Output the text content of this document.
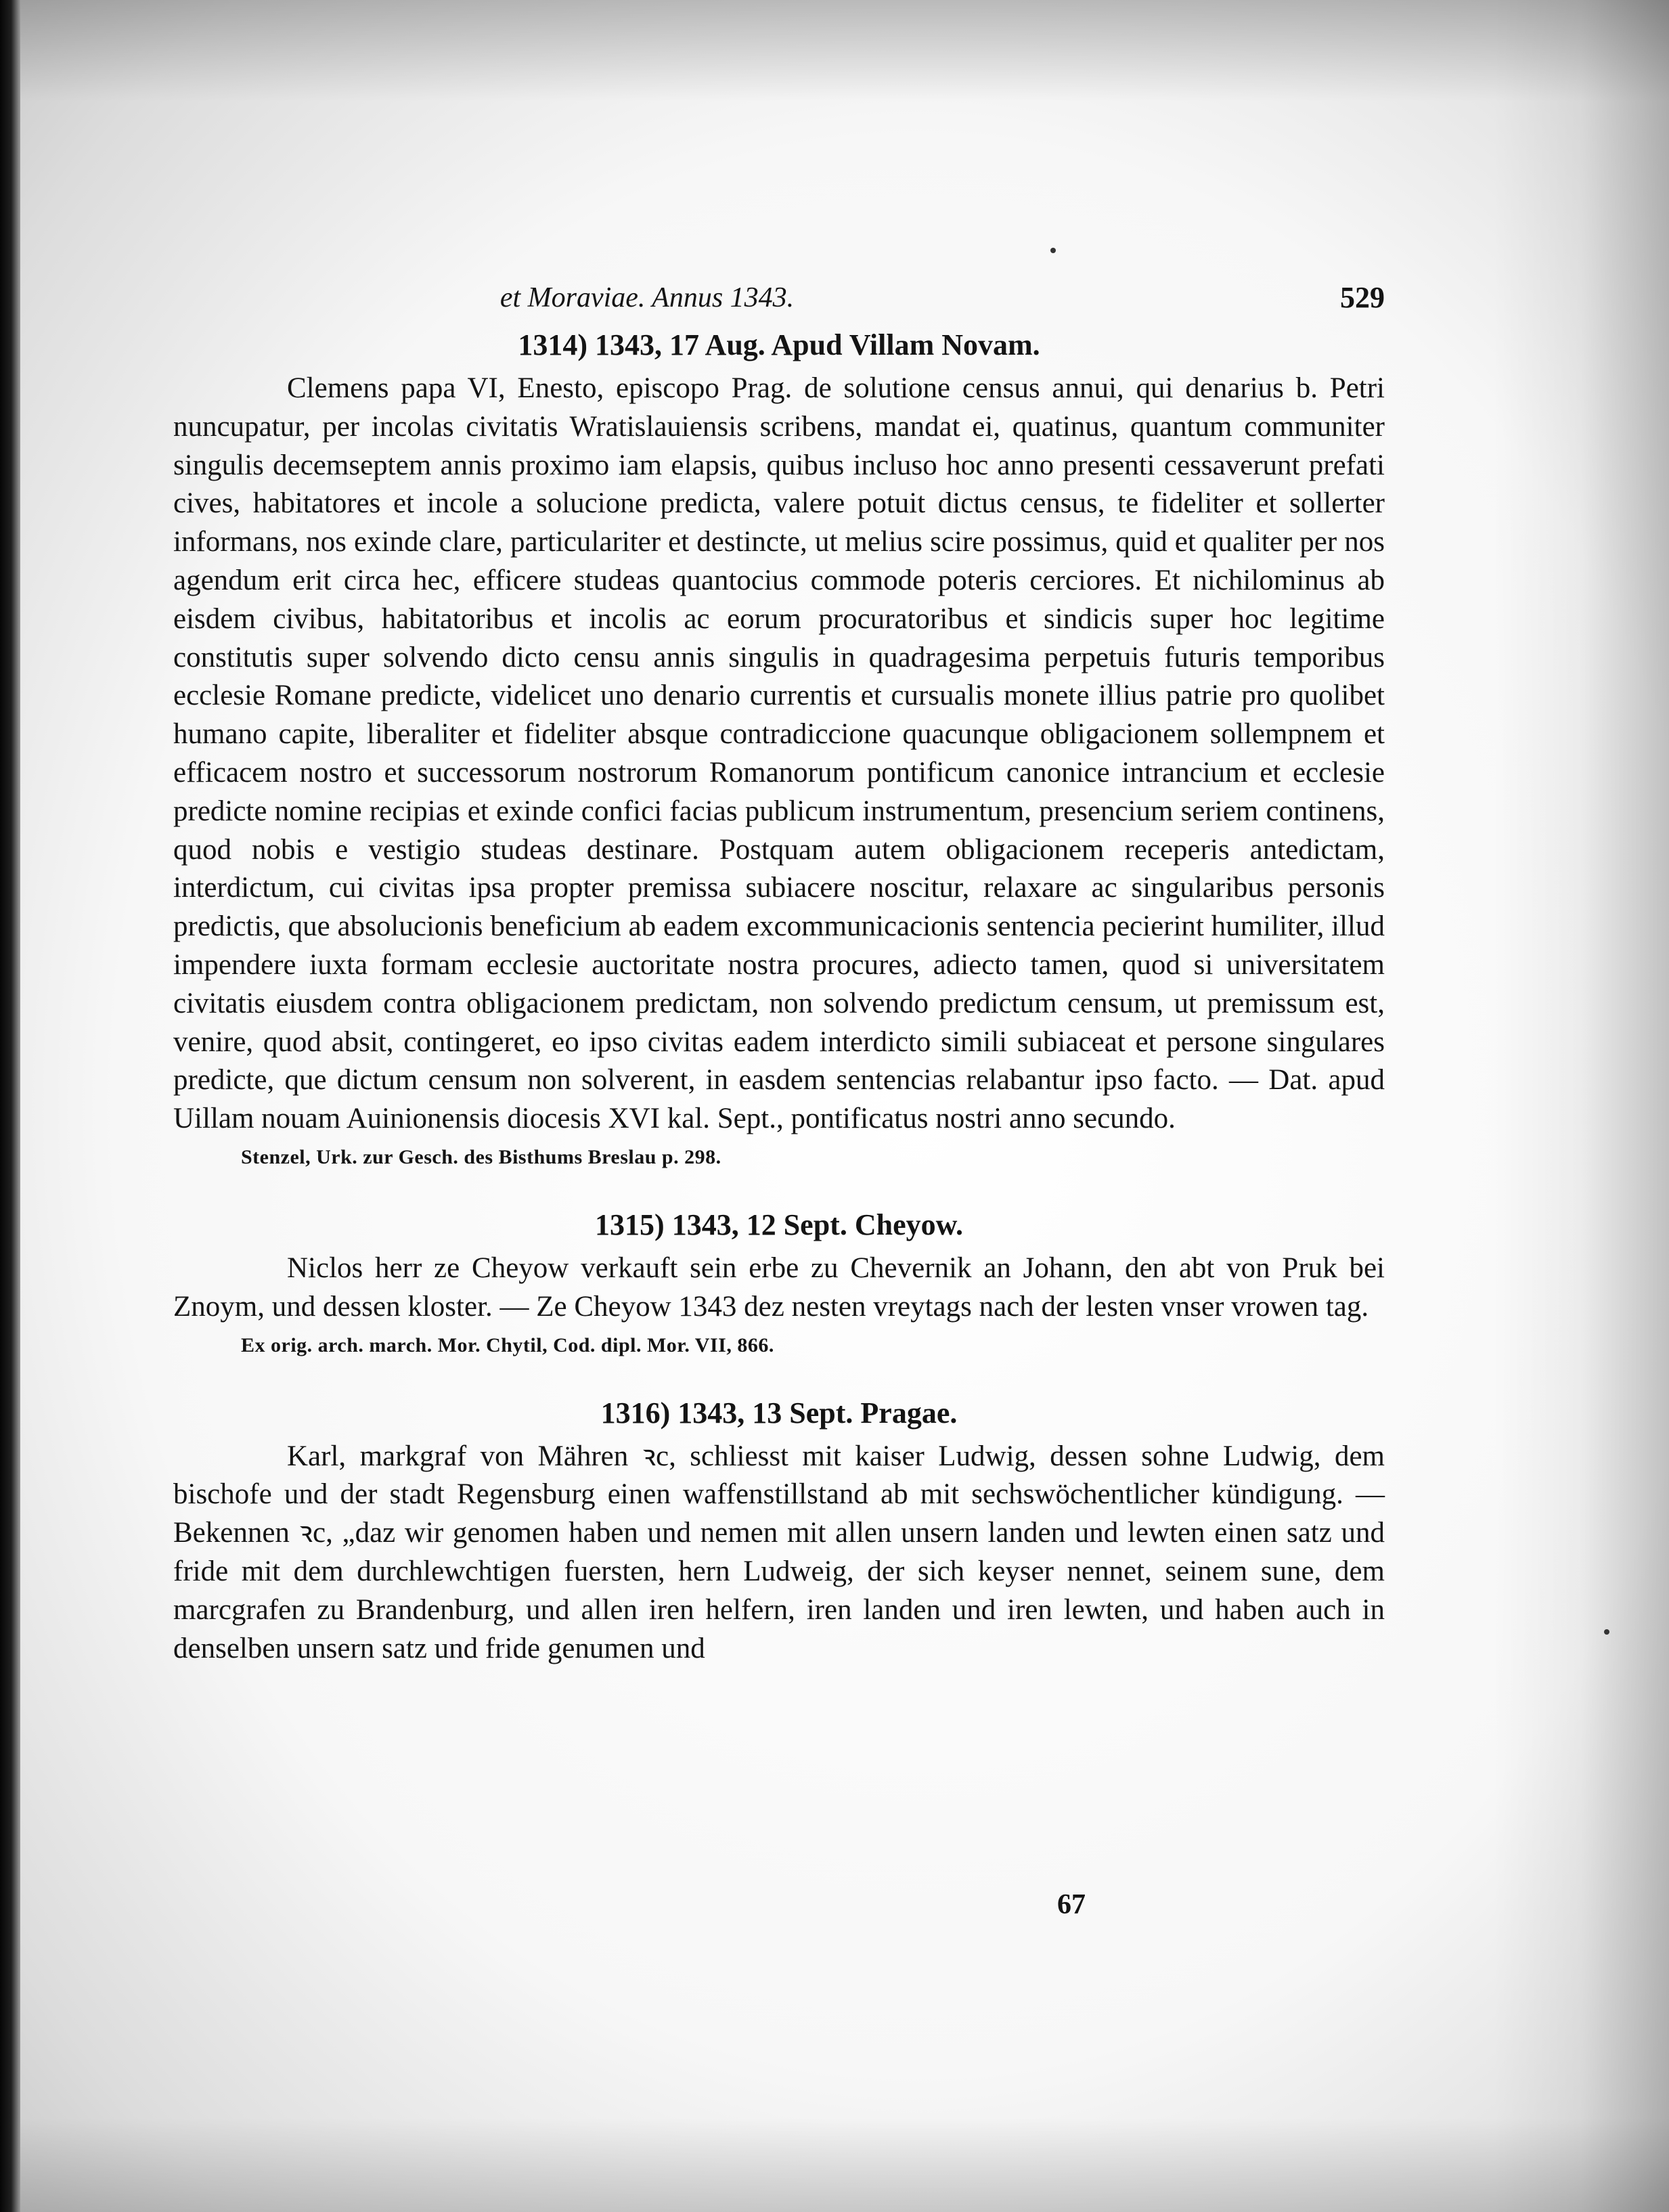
et Moraviae. Annus 1343.	529
1314) 1343, 17 Aug. Apud Villam Novam.

Clemens papa VI, Enesto, episcopo Prag. de solutione census annui, qui denarius b. Petri nuncupatur, per incolas civitatis Wratislauiensis scribens, mandat ei, quatinus, quantum communiter singulis decemseptem annis proximo iam elapsis, quibus incluso hoc anno presenti cessaverunt prefati cives, habitatores et incole a solucione predicta, valere potuit dictus census, te fideliter et sollerter informans, nos exinde clare, particulariter et destincte, ut melius scire possimus, quid et qualiter per nos agendum erit circa hec, efficere studeas quantocius commode poteris cerciores. Et nichilominus ab eisdem civibus, habitatoribus et incolis ac eorum procuratoribus et sindicis super hoc legitime constitutis super solvendo dicto censu annis singulis in quadragesima perpetuis futuris temporibus ecclesie Romane predicte, videlicet uno denario currentis et cursualis monete illius patrie pro quolibet humano capite, liberaliter et fideliter absque contradiccione quacunque obligacionem sollempnem et efficacem nostro et successorum nostrorum Romanorum pontificum canonice intrancium et ecclesie predicte nomine recipias et exinde confici facias publicum instrumentum, presencium seriem continens, quod nobis e vestigio studeas destinare. Postquam autem obligacionem receperis antedictam, interdictum, cui civitas ipsa propter premissa subiacere noscitur, relaxare ac singularibus personis predictis, que absolucionis beneficium ab eadem excommunicacionis sentencia pecierint humiliter, illud impendere iuxta formam ecclesie auctoritate nostra procures, adiecto tamen, quod si universitatem civitatis eiusdem contra obligacionem predictam, non solvendo predictum censum, ut premissum est, venire, quod absit, contingeret, eo ipso civitas eadem interdicto simili subiaceat et persone singulares predicte, que dictum censum non solverent, in easdem sentencias relabantur ipso facto. — Dat. apud Uillam nouam Auinionensis diocesis XVI kal. Sept., pontificatus nostri anno secundo.

Stenzel, Urk. zur Gesch. des Bisthums Breslau p. 298.

1315) 1343, 12 Sept. Cheyow.

Niclos herr ze Cheyow verkauft sein erbe zu Chevernik an Johann, den abt von Pruk bei Znoym, und dessen kloster. — Ze Cheyow 1343 dez nesten vreytags nach der lesten vnser vrowen tag.

Ex orig. arch. march. Mor. Chytil, Cod. dipl. Mor. VII, 866.

1316) 1343, 13 Sept. Pragae.

Karl, markgraf von Mähren ꝛc, schliesst mit kaiser Ludwig, dessen sohne Ludwig, dem bischofe und der stadt Regensburg einen waffenstillstand ab mit sechswöchentlicher kündigung. — Bekennen ꝛc, „daz wir genomen haben und nemen mit allen unsern landen und lewten einen satz und fride mit dem durchlewchtigen fuersten, hern Ludweig, der sich keyser nennet, seinem sune, dem marcgrafen zu Brandenburg, und allen iren helfern, iren landen und iren lewten, und haben auch in denselben unsern satz und fride genumen und

67
